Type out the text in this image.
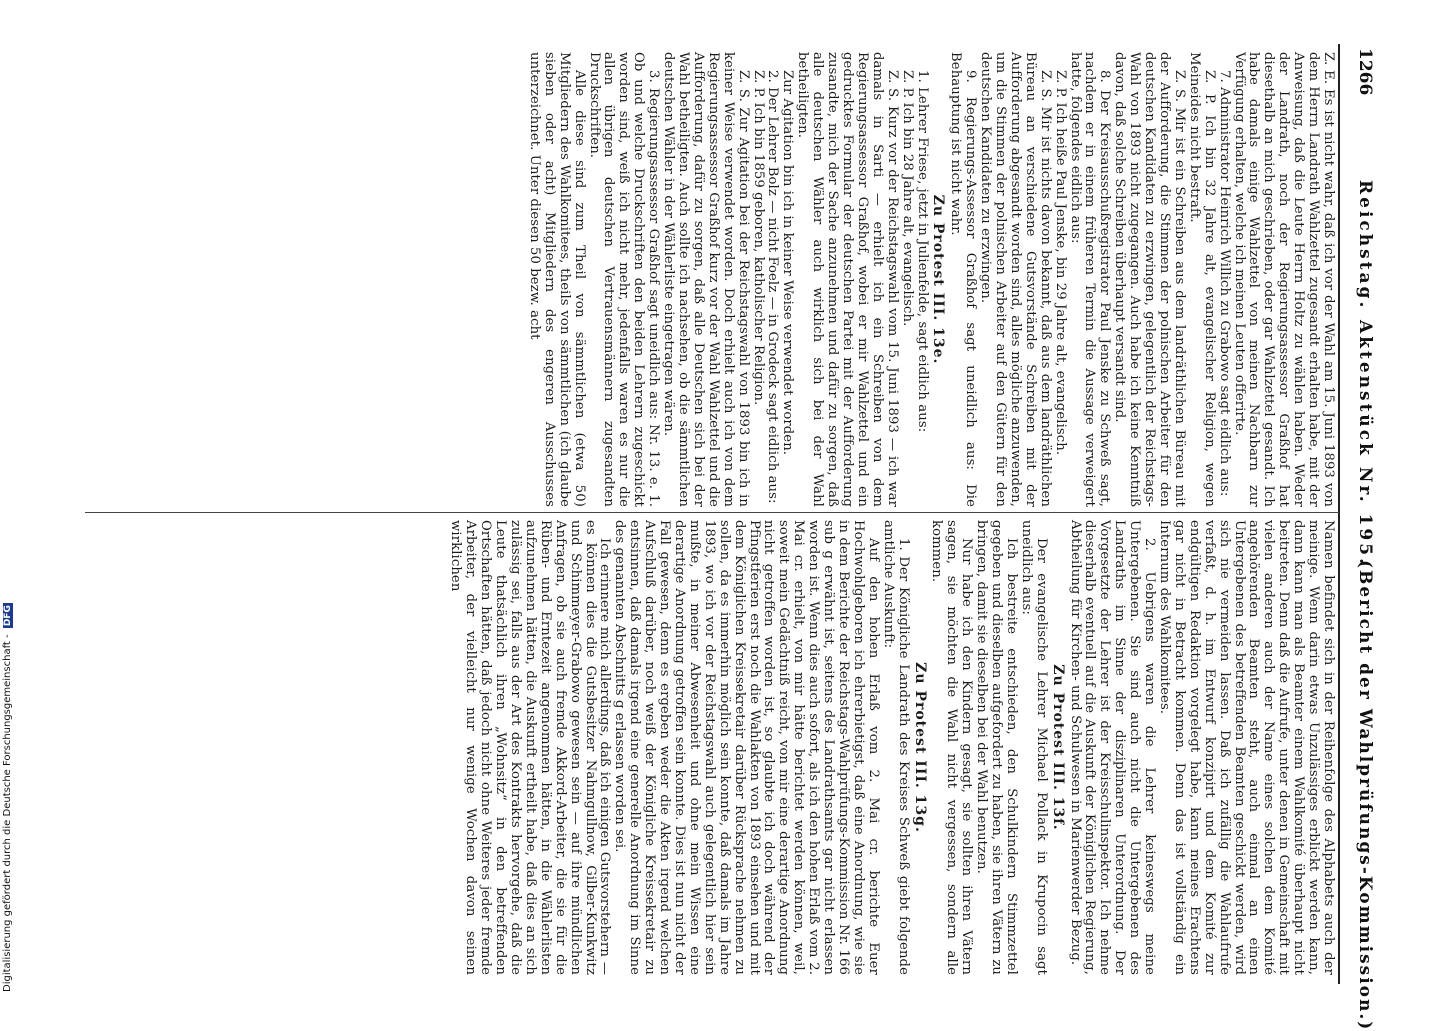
1266
Reichstag.
Aktenstück Nr. 195.
(Bericht der Wahlprüfungs-Kommission.)

Z. E. Es ist nicht wahr, daß ich vor der Wahl am 15. Juni 1893 von dem Herrn Landrath Wahlzettel zugesandt erhalten habe, mit der Anweisung, daß die Leute Herrn Holtz zu wählen haben. Weder der Landrath, noch der Regierungsassessor Graßhof hat diesethalb an mich geschrieben, oder gar Wahlzettel gesandt. Ich habe damals einige Wahlzettel von meinen Nachbarn zur Verfügung erhalten, welche ich meinen Leuten offerirte.

7. Administrator Heinrich Willich zu Grabowo sagt eidlich aus:

Z. P. Ich bin 32 Jahre alt, evangelischer Religion, wegen Meineides nicht bestraft.

Z. S. Mir ist ein Schreiben aus dem landräthlichen Büreau mit der Aufforderung, die Stimmen der polnischen Arbeiter für den deutschen Kandidaten zu erzwingen, gelegentlich der Reichstags-Wahl von 1893 nicht zugegangen. Auch habe ich keine Kenntniß davon, daß solche Schreiben überhaupt versandt sind.

8. Der Kreisausschußregistrator Paul Jenske zu Schweß sagt, nachdem er in einem früheren Termin die Aussage verweigert hatte, folgendes eidlich aus:

Z. P. Ich heiße Paul Jenske, bin 29 Jahre alt, evangelisch.

Z. S. Mir ist nichts davon bekannt, daß aus dem landräthlichen Büreau an verschiedene Gutsvorstände Schreiben mit der Aufforderung abgesandt worden sind, alles mögliche anzuwenden, um die Stimmen der polnischen Arbeiter auf den Gütern für den deutschen Kandidaten zu erzwingen.

9. Regierungs-Assessor Graßhof sagt uneidlich aus: Die Behauptung ist nicht wahr.

Zu Protest III. 13e.

1. Lehrer Friese, jetzt in Julienfelde, sagt eidlich aus:

Z. P. Ich bin 28 Jahre alt, evangelisch.

Z. S. Kurz vor der Reichstagswahl vom 15. Juni 1893 — ich war damals in Sarti — erhielt ich ein Schreiben von dem Regierungsassessor Graßhof, wobei er mir Wahlzettel und ein gedrucktes Formular der deutschen Partei mit der Aufforderung zusandte, mich der Sache anzunehmen und dafür zu sorgen, daß alle deutschen Wähler auch wirklich sich bei der Wahl betheiligten.

Zur Agitation bin ich in keiner Weise verwendet worden.

2. Der Lehrer Bolz — nicht Foelz — in Grodeck sagt eidlich aus:

Z. P. Ich bin 1859 geboren, katholischer Religion.

Z. S. Zur Agitation bei der Reichstagswahl von 1893 bin ich in keiner Weise verwendet worden. Doch erhielt auch ich von dem Regierungsassessor Graßhof kurz vor der Wahl Wahlzettel und die Aufforderung, dafür zu sorgen, daß alle Deutschen sich bei der Wahl betheiligten. Auch sollte ich nachsehen, ob die sämmtlichen deutschen Wähler in der Wählerliste eingetragen wären.

3. Regierungsassessor Graßhof sagt uneidlich aus: Nr. 13. e. 1. Ob und welche Druckschriften den beiden Lehrern zugeschickt worden sind, weiß ich nicht mehr, jedenfalls waren es nur die allen übrigen deutschen Vertrauensmännern zugesandten Druckschriften.

Alle diese sind zum Theil von sämmtlichen (etwa 50) Mitgliedern des Wahlkomitees, theils von sämmtlichen (ich glaube sieben oder acht) Mitgliedern des engeren Ausschusses unterzeichnet. Unter diesen 50 bezw. acht

Namen befindet sich in der Reihenfolge des Alphabets auch der meinige. Wenn darin etwas Unzulässiges erblickt werden kann, dann kann man als Beamter einem Wahlkomité überhaupt nicht beitreten. Denn daß die Aufrufe, unter denen in Gemeinschaft mit vielen anderen auch der Name eines solchen dem Komité angehörenden Beamten steht, auch einmal an einen Untergebenen des betreffenden Beamten geschickt werden, wird sich nie vermeiden lassen. Daß ich zufällig die Wahlaufrufe verfaßt, d. h. im Entwurf konzipirt und dem Komité zur endgültigen Redaktion vorgelegt habe, kann meines Erachtens gar nicht in Betracht kommen. Denn das ist vollständig ein Internum des Wahlkomitees.

2. Uebrigens waren die Lehrer keineswegs meine Untergebenen. Sie sind auch nicht die Untergebenen des Landraths im Sinne der disziplinaren Unterordnung. Der Vorgesetzte der Lehrer ist der Kreisschulinspektor. Ich nehme dieserhalb eventuell auf die Auskunft der Königlichen Regierung, Abtheilung für Kirchen- und Schulwesen in Marienwerder Bezug.

Zu Protest III. 13f.

Der evangelische Lehrer Michael Pollack in Krupocin sagt uneidlich aus:

Ich bestreite entschieden, den Schulkindern Stimmzettel gegeben und dieselben aufgefordert zu haben, sie ihren Vätern zu bringen, damit sie dieselben bei der Wahl benutzen.

Nur habe ich den Kindern gesagt, sie sollten ihren Vätern sagen, sie möchten die Wahl nicht vergessen, sondern alle kommen.

Zu Protest III. 13g.

1. Der Königliche Landrath des Kreises Schweß giebt folgende amtliche Auskunft:

Auf den hohen Erlaß vom 2. Mai cr. berichte Euer Hochwohlgeboren ich ehrerbietigst, daß eine Anordnung, wie sie in dem Berichte der Reichstags-Wahlprüfungs-Kommission Nr. 166 sub g erwähnt ist, seitens des Landrathsamts gar nicht erlassen worden ist. Wenn dies auch sofort, als ich den hohen Erlaß vom 2. Mai cr. erhielt, von mir hätte berichtet werden können, weil, soweit mein Gedächtniß reicht, von mir eine derartige Anordnung nicht getroffen worden ist, so glaubte ich doch während der Pfingstferien erst noch die Wahlakten von 1893 einsehen und mit dem Königlichen Kreissekretair darüber Rücksprache nehmen zu sollen, da es immerhin möglich sein konnte, daß damals im Jahre 1893, wo ich vor der Reichstagswahl auch gelegentlich hier sein mußte, in meiner Abwesenheit und ohne mein Wissen eine derartige Anordnung getroffen sein konnte. Dies ist nun nicht der Fall gewesen, denn es ergeben weder die Akten irgend welchen Aufschluß darüber, noch weiß der Königliche Kreissekretair zu entsinnen, daß damals irgend eine generelle Anordnung im Sinne des genannten Abschnitts g erlassen worden sei.

Ich erinnere mich allerdings, daß ich einigen Gutsvorstehern — es können dies die Gutsbesitzer Nahmgullnow, Gilber-Kunkwitz und Schimmeyer-Grabowo gewesen sein — auf ihre mündlichen Anfragen, ob sie auch fremde Akkord-Arbeiter, die sie für die Rüben- und Erntezeit angenommen hätten, in die Wählerlisten aufzunehmen hätten, die Auskunft ertheilt habe, daß dies an sich zulässig sei, falls aus der Art des Kontrakts hervorgehe, daß die Leute thatsächlich ihren „Wohnsitz“ in den betreffenden Ortschaften hätten, daß jedoch nicht ohne Weiteres jeder fremde Arbeiter, der vielleicht nur wenige Wochen davon seinen wirklichen

Digitalisierung gefördert durch die Deutsche Forschungsgemeinschaft - DFG
